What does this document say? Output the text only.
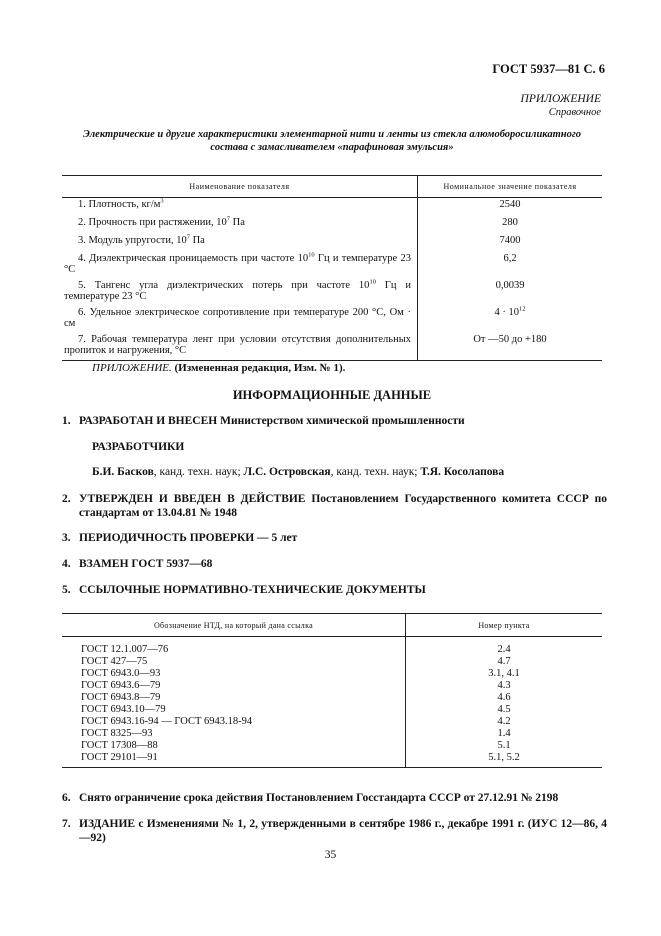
ГОСТ 5937—81 С. 6
ПРИЛОЖЕНИЕ
Справочное
Электрические и другие характеристики элементарной нити и ленты из стекла алюмоборосиликатного
состава с замасливателем «парафиновая эмульсия»
Наименование показателя	Номинальное значение показателя
1. Плотность, $кг/м^3$	2540
2. Прочность при растяжении, $10^7$ Па	280
3. Модуль упругости, $10^7$ Па	7400
4. Диэлектрическая проницаемость при частоте $10^{10}$ Гц и температуре 23 °С	6,2
5. Тангенс угла диэлектрических потерь при частоте $10^{10}$ Гц и температуре 23 °С	0,0039
6. Удельное электрическое сопротивление при температуре 200 °С, Ом · см	$4 \cdot 10^{12}$
7. Рабочая температура лент при условии отсутствия дополнительных пропиток и нагружения, °С	От —50 до +180
ПРИЛОЖЕНИЕ. (Измененная редакция, Изм. № 1).
ИНФОРМАЦИОННЫЕ ДАННЫЕ
1. РАЗРАБОТАН И ВНЕСЕН Министерством химической промышленности
РАЗРАБОТЧИКИ
Б.И. Басков, канд. техн. наук; Л.С. Островская, канд. техн. наук; Т.Я. Косолапова
2. УТВЕРЖДЕН И ВВЕДЕН В ДЕЙСТВИЕ Постановлением Государственного комитета СССР по стандартам от 13.04.81 № 1948
3. ПЕРИОДИЧНОСТЬ ПРОВЕРКИ — 5 лет
4. ВЗАМЕН ГОСТ 5937—68
5. ССЫЛОЧНЫЕ НОРМАТИВНО-ТЕХНИЧЕСКИЕ ДОКУМЕНТЫ
Обозначение НТД, на который дана ссылка	Номер пункта
ГОСТ 12.1.007—76	2.4
ГОСТ 427—75	4.7
ГОСТ 6943.0—93	3.1, 4.1
ГОСТ 6943.6—79	4.3
ГОСТ 6943.8—79	4.6
ГОСТ 6943.10—79	4.5
ГОСТ 6943.16-94 — ГОСТ 6943.18-94	4.2
ГОСТ 8325—93	1.4
ГОСТ 17308—88	5.1
ГОСТ 29101—91	5.1, 5.2
6. Снято ограничение срока действия Постановлением Госстандарта СССР от 27.12.91 № 2198
7. ИЗДАНИЕ с Изменениями № 1, 2, утвержденными в сентябре 1986 г., декабре 1991 г. (ИУС 12—86, 4—92)
35
